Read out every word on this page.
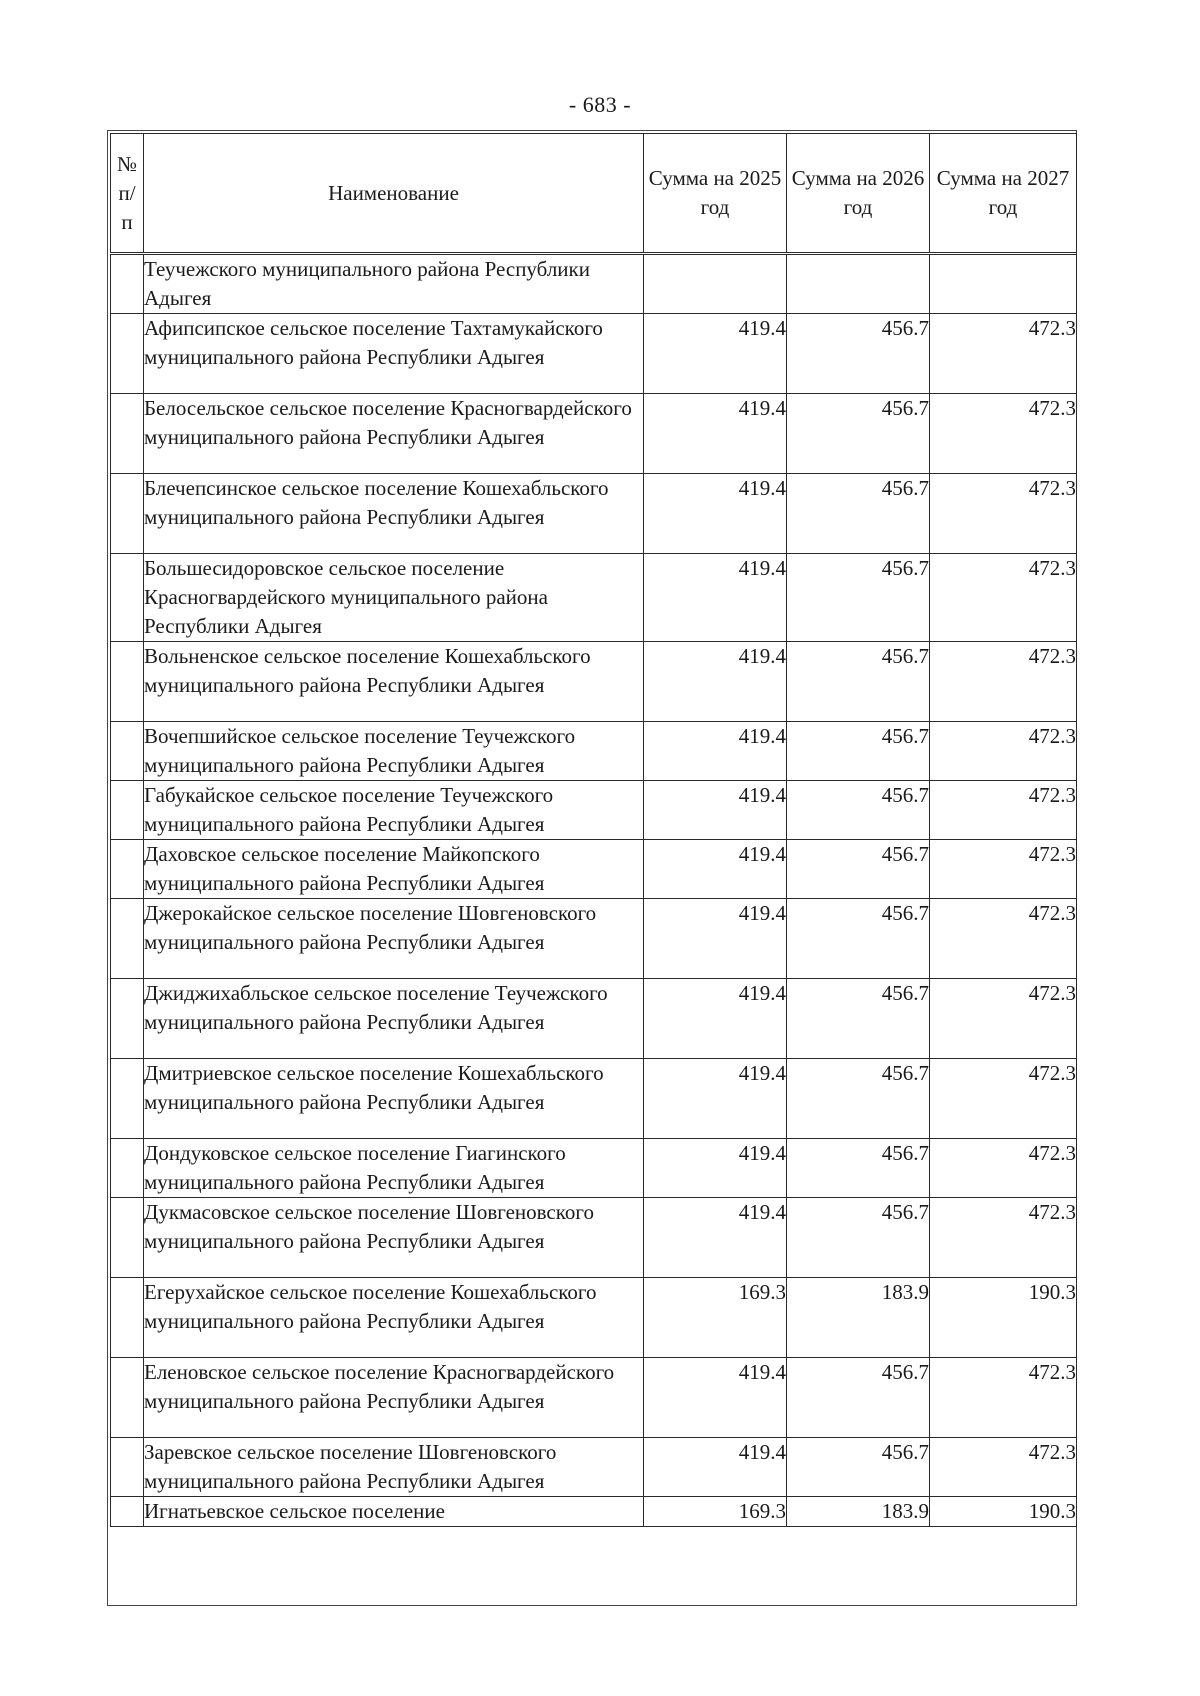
- 683 -
№ п/п	Наименование	Сумма на 2025 год	Сумма на 2026 год	Сумма на 2027 год
	Теучежского муниципального района Республики Адыгея			
	Афипсипское сельское поселение Тахтамукайского муниципального района Республики Адыгея	419.4	456.7	472.3
	Белосельское сельское поселение Красногвардейского муниципального района Республики Адыгея	419.4	456.7	472.3
	Блечепсинское сельское поселение Кошехабльского муниципального района Республики Адыгея	419.4	456.7	472.3
	Большесидоровское сельское поселение Красногвардейского муниципального района Республики Адыгея	419.4	456.7	472.3
	Вольненское сельское поселение Кошехабльского муниципального района Республики Адыгея	419.4	456.7	472.3
	Вочепшийское сельское поселение Теучежского муниципального района Республики Адыгея	419.4	456.7	472.3
	Габукайское сельское поселение Теучежского муниципального района Республики Адыгея	419.4	456.7	472.3
	Даховское сельское поселение Майкопского муниципального района Республики Адыгея	419.4	456.7	472.3
	Джерокайское сельское поселение Шовгеновского муниципального района Республики Адыгея	419.4	456.7	472.3
	Джиджихабльское сельское поселение Теучежского муниципального района Республики Адыгея	419.4	456.7	472.3
	Дмитриевское сельское поселение Кошехабльского муниципального района Республики Адыгея	419.4	456.7	472.3
	Дондуковское сельское поселение Гиагинского муниципального района Республики Адыгея	419.4	456.7	472.3
	Дукмасовское сельское поселение Шовгеновского муниципального района Республики Адыгея	419.4	456.7	472.3
	Егерухайское сельское поселение Кошехабльского муниципального района Республики Адыгея	169.3	183.9	190.3
	Еленовское сельское поселение Красногвардейского муниципального района Республики Адыгея	419.4	456.7	472.3
	Заревское сельское поселение Шовгеновского муниципального района Республики Адыгея	419.4	456.7	472.3
	Игнатьевское сельское поселение	169.3	183.9	190.3
